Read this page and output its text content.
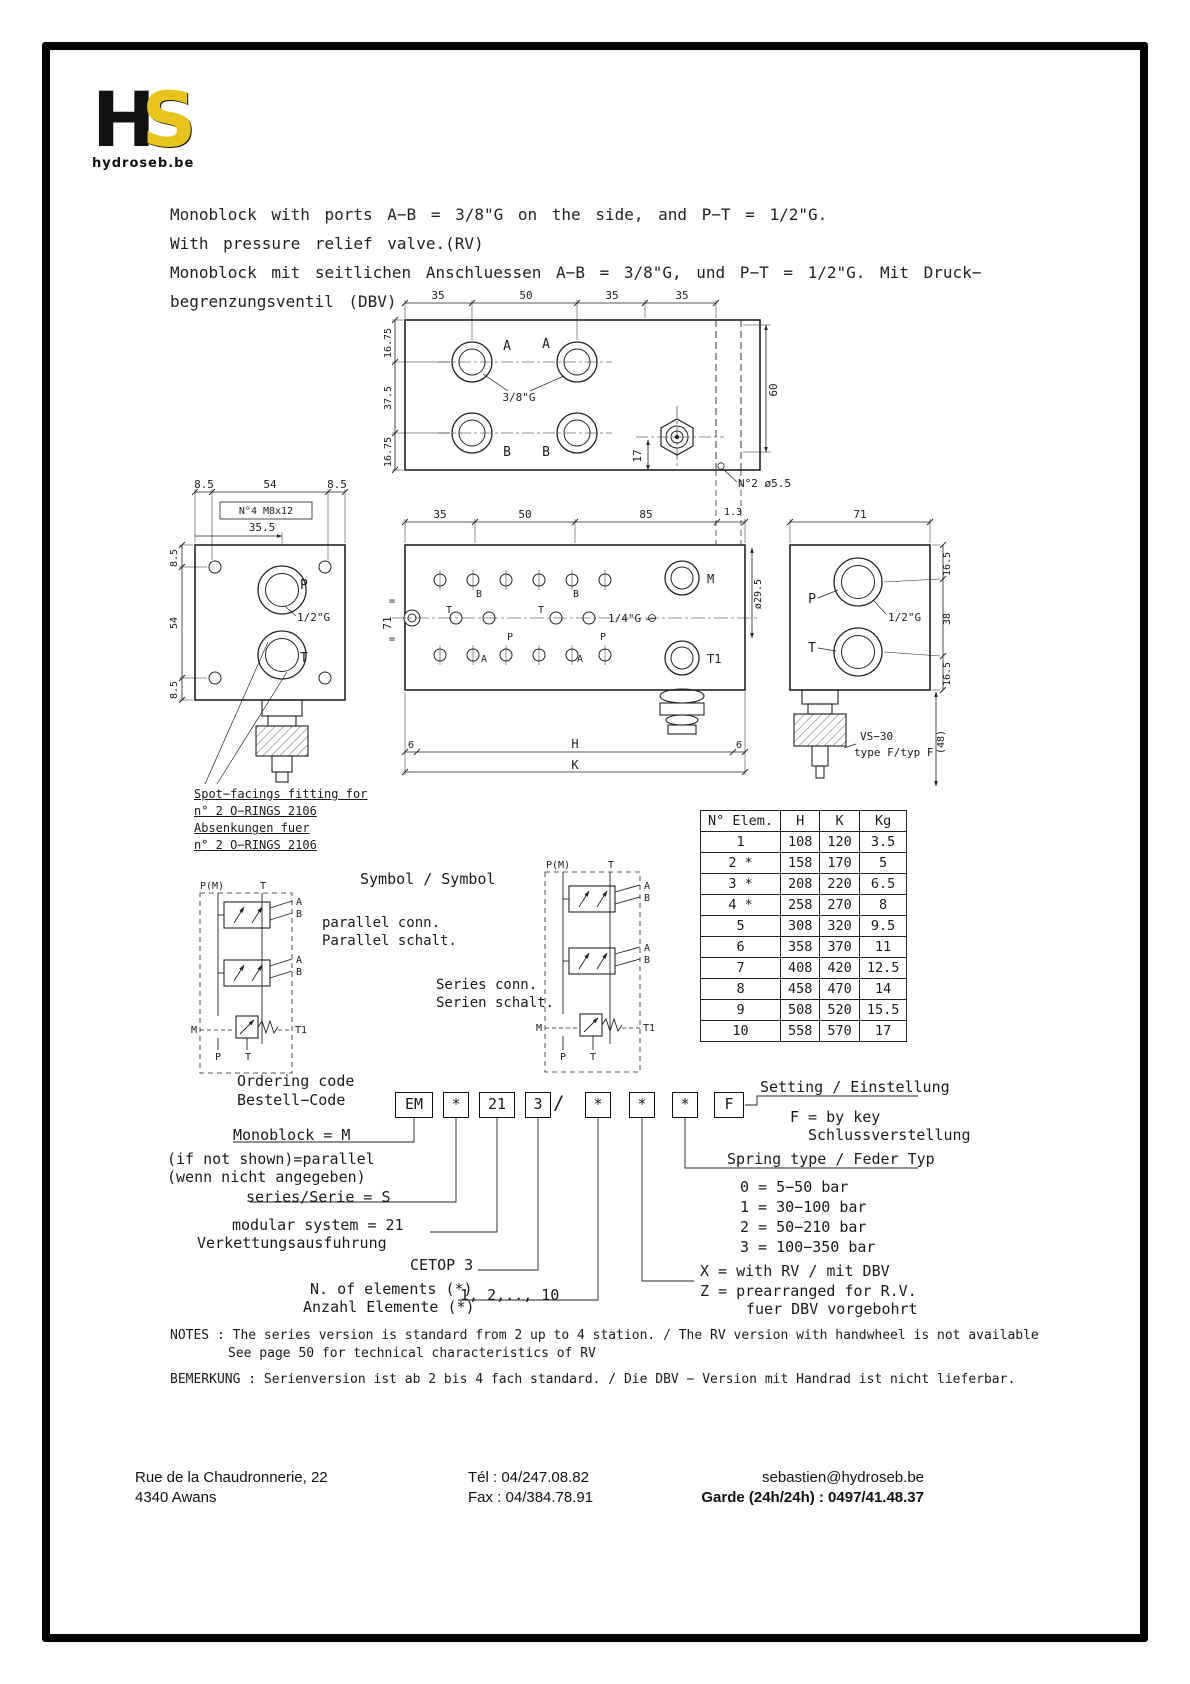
HS
hydroseb.be
Monoblock with ports A−B = 3/8"G on the side, and P−T = 1/2"G.
With pressure relief valve.(RV)
Monoblock mit seitlichen Anschluessen A−B = 3/8"G, und P−T = 1/2"G. Mit Druck−
begrenzungsventil (DBV)	35	50	35	35
16.75
37.5
16.75
A A
B B
3/8"G
17
60
N°2 ø5.5
8.5	54	8.5
N°4 M8x12
35.5
P
1/2"G
T
8.5
54
8.5
35	50	85	1.3
=
71
=
B	B
T	T
P	P
A	A
M
T1
1/4"G
ø29.5
6	H	6
K
71
P
T
1/2"G
16.5
38
16.5
VS−30
type F/typ F (48)
P(M)	T
A
B
A
B
M	T1
P T
P(M)	T
A
B
A
B
M	T1
P T
Spot−facings fitting for
n° 2 O−RINGS 2106
Absenkungen fuer
n° 2 O−RINGS 2106
Symbol / Symbol
parallel conn.
Parallel schalt.
Series conn.
Serien schalt.
N° Elem.	H	K	Kg
1	108	120	3.5
2 *	158	170	5
3 *	208	220	6.5
4 *	258	270	8
5	308	320	9.5
6	358	370	11
7	408	420	12.5
8	458	470	14
9	508	520	15.5
10	558	570	17
Ordering code
Bestell−Code	EM	*	21	3 /	*	*	*	F
Monoblock = M
(if not shown)=parallel
(wenn nicht angegeben)
series/Serie = S
modular system = 21
Verkettungsausfuhrung
CETOP 3
N. of elements (*)
Anzahl Elemente (*)
1, 2,.., 10
Setting / Einstellung
F = by key
Schlussverstellung
Spring type / Feder Typ
0 = 5−50 bar
1 = 30−100 bar
2 = 50−210 bar
3 = 100−350 bar
X = with RV / mit DBV
Z = prearranged for R.V.
fuer DBV vorgebohrt
NOTES : The series version is standard from 2 up to 4 station. / The RV version with handwheel is not available
See page 50 for technical characteristics of RV
BEMERKUNG : Serienversion ist ab 2 bis 4 fach standard. / Die DBV − Version mit Handrad ist nicht lieferbar.
Rue de la Chaudronnerie, 22
4340 Awans
Tél : 04/247.08.82
Fax : 04/384.78.91
sebastien@hydroseb.be
Garde (24h/24h) : 0497/41.48.37
